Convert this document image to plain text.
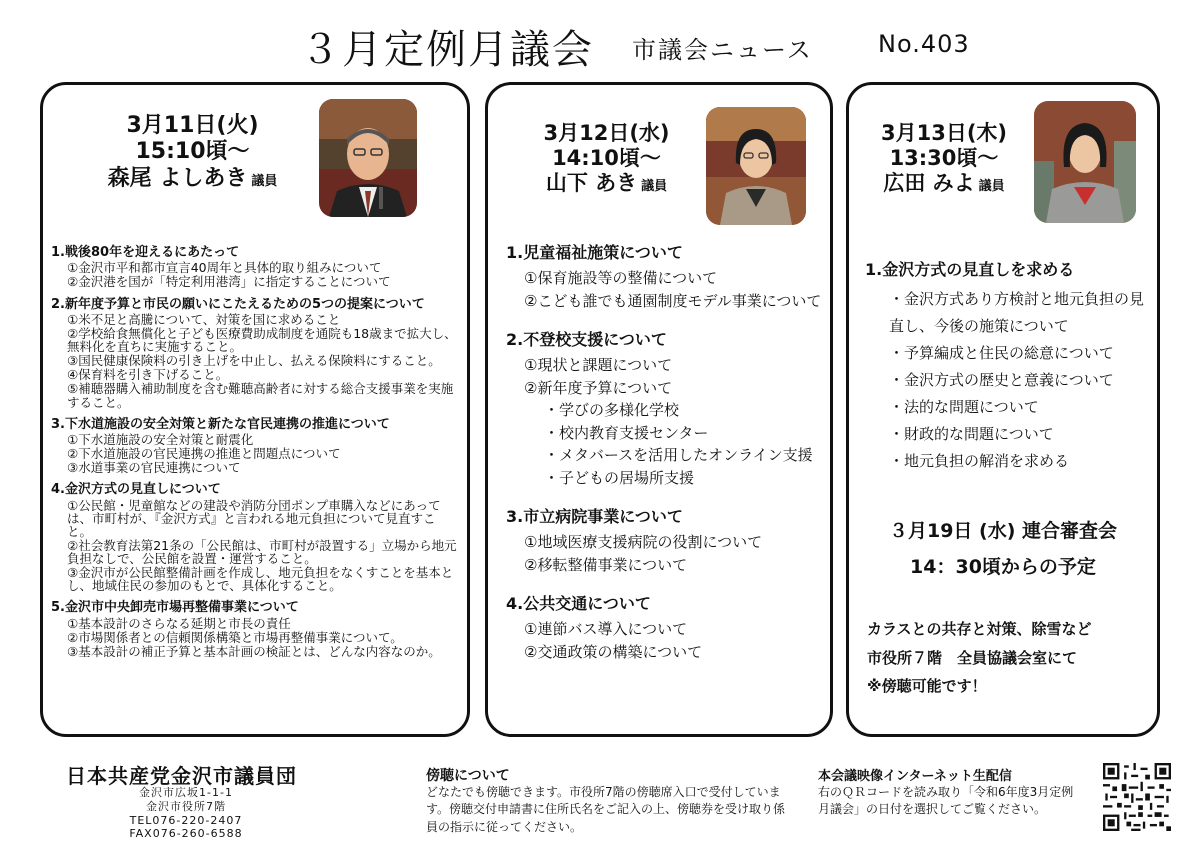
３月定例月議会 市議会ニュース	No.403
3月11日(火)
15:10頃～
森尾 よしあき 議員
1.戦後80年を迎えるにあたって
①金沢市平和都市宣言40周年と具体的取り組みについて
②金沢港を国が「特定利用港湾」に指定することについて
2.新年度予算と市民の願いにこたえるための5つの提案について
①米不足と高騰について、対策を国に求めること
②学校給食無償化と子ども医療費助成制度を通院も18歳まで拡大し、無料化を直ちに実施すること。
③国民健康保険料の引き上げを中止し、払える保険料にすること。
④保育料を引き下げること。
⑤補聴器購入補助制度を含む難聴高齢者に対する総合支援事業を実施すること。
3.下水道施設の安全対策と新たな官民連携の推進について
①下水道施設の安全対策と耐震化
②下水道施設の官民連携の推進と問題点について
③水道事業の官民連携について
4.金沢方式の見直しについて
①公民館・児童館などの建設や消防分団ポンプ車購入などにあっては、市町村が、『金沢方式』と言われる地元負担について見直すこと。
②社会教育法第21条の「公民館は、市町村が設置する」立場から地元負担なしで、公民館を設置・運営すること。
③金沢市が公民館整備計画を作成し、地元負担をなくすことを基本とし、地域住民の参加のもとで、具体化すること。
5.金沢市中央卸売市場再整備事業について
①基本設計のさらなる延期と市長の責任
②市場関係者との信頼関係構築と市場再整備事業について。
③基本設計の補正予算と基本計画の検証とは、どんな内容なのか。
3月12日(水)
14:10頃～
山下 あき 議員
1.児童福祉施策について
①保育施設等の整備について
②こども誰でも通園制度モデル事業について
2.不登校支援について
①現状と課題について
②新年度予算について
・学びの多様化学校
・校内教育支援センター
・メタバースを活用したオンライン支援
・子どもの居場所支援
3.市立病院事業について
①地域医療支援病院の役割について
②移転整備事業について
4.公共交通について
①連節バス導入について
②交通政策の構築について
3月13日(木)
13:30頃～
広田 みよ 議員
1.金沢方式の見直しを求める
・金沢方式あり方検討と地元負担の見直し、今後の施策について
・予算編成と住民の総意について
・金沢方式の歴史と意義について
・法的な問題について
・財政的な問題について
・地元負担の解消を求める
３月19日 (水) 連合審査会
14：30頃からの予定
カラスとの共存と対策、除雪など
市役所７階　全員協議会室にて
※傍聴可能です！
日本共産党金沢市議員団
金沢市広坂1-1-1
金沢市役所7階
TEL076-220-2407
FAX076-260-6588
傍聴について
どなたでも傍聴できます。市役所7階の傍聴席入口で受付しています。傍聴交付申請書に住所氏名をご記入の上、傍聴券を受け取り係員の指示に従ってください。
本会議映像インターネット生配信
右のＱＲコードを読み取り「令和6年度3月定例月議会」の日付を選択してご覧ください。
